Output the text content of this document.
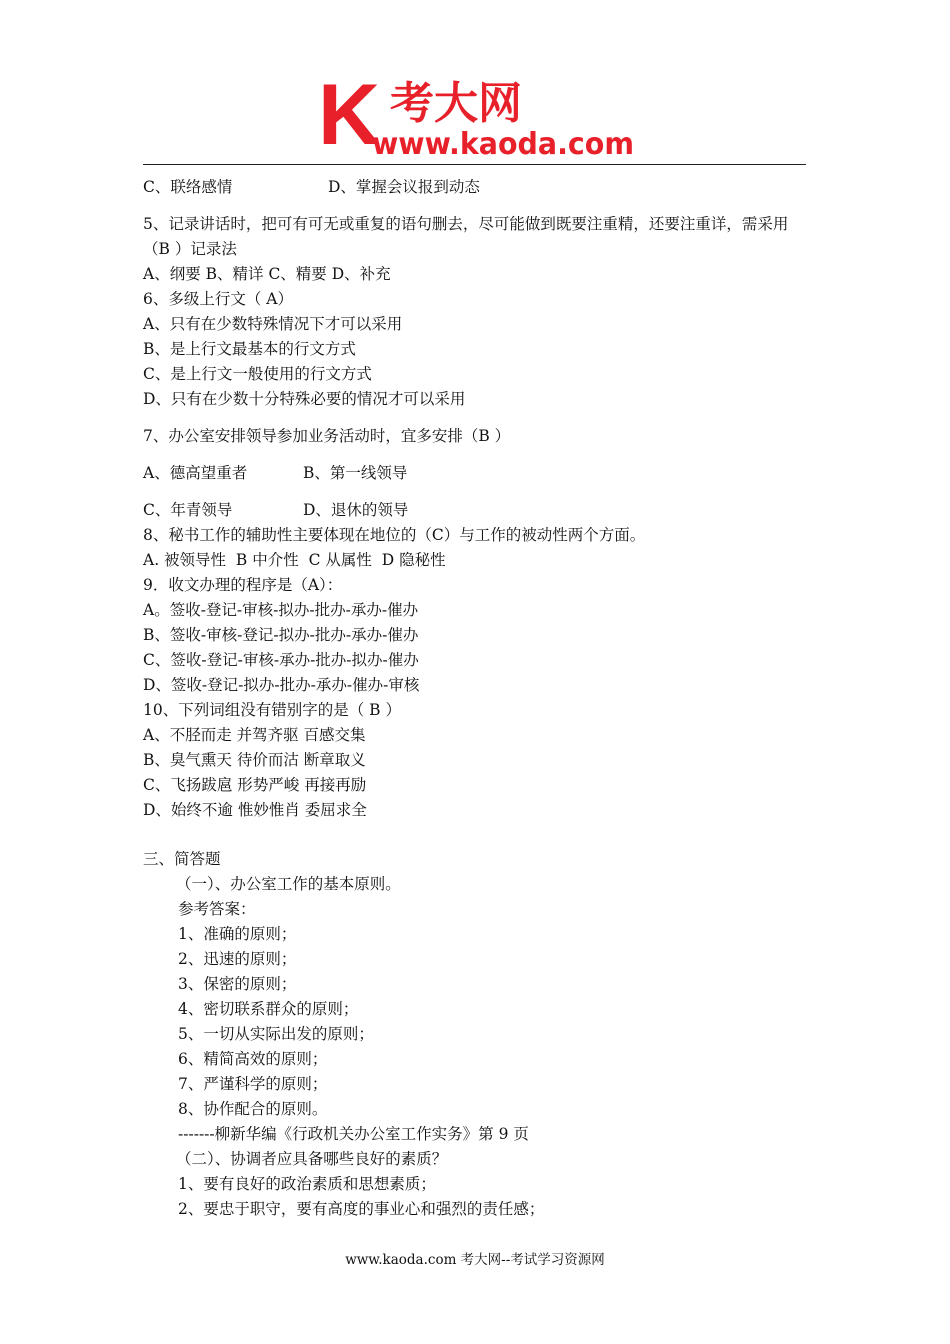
K 考大网
www.kaoda.com
C、联络感情	D、掌握会议报到动态
5、记录讲话时，把可有可无或重复的语句删去，尽可能做到既要注重精，还要注重详，需采用
（B ）记录法
A、纲要 B、精详 C、精要 D、补充
6、多级上行文（ A）
A、只有在少数特殊情况下才可以采用
B、是上行文最基本的行文方式
C、是上行文一般使用的行文方式
D、只有在少数十分特殊必要的情况才可以采用
7、办公室安排领导参加业务活动时，宜多安排（B ）
A、德高望重者	B、第一线领导
C、年青领导	D、退休的领导
8、秘书工作的辅助性主要体现在地位的（C）与工作的被动性两个方面。
A. 被领导性  B 中介性  C 从属性  D 隐秘性
9．收文办理的程序是（A）：
A。签收-登记-审核-拟办-批办-承办-催办
B、签收-审核-登记-拟办-批办-承办-催办
C、签收-登记-审核-承办-批办-拟办-催办
D、签收-登记-拟办-批办-承办-催办-审核
10、下列词组没有错别字的是（ B ）
A、不胫而走 并驾齐驱 百感交集
B、臭气熏天 待价而沽 断章取义
C、飞扬跋扈 形势严峻 再接再励
D、始终不逾 惟妙惟肖 委屈求全
三、简答题
（一）、办公室工作的基本原则。
参考答案：
1、准确的原则；
2、迅速的原则；
3、保密的原则；
4、密切联系群众的原则；
5、一切从实际出发的原则；
6、精简高效的原则；
7、严谨科学的原则；
8、协作配合的原则。
-------柳新华编《行政机关办公室工作实务》第 9 页
（二）、协调者应具备哪些良好的素质？
1、要有良好的政治素质和思想素质；
2、要忠于职守，要有高度的事业心和强烈的责任感；
www.kaoda.com 考大网--考试学习资源网
